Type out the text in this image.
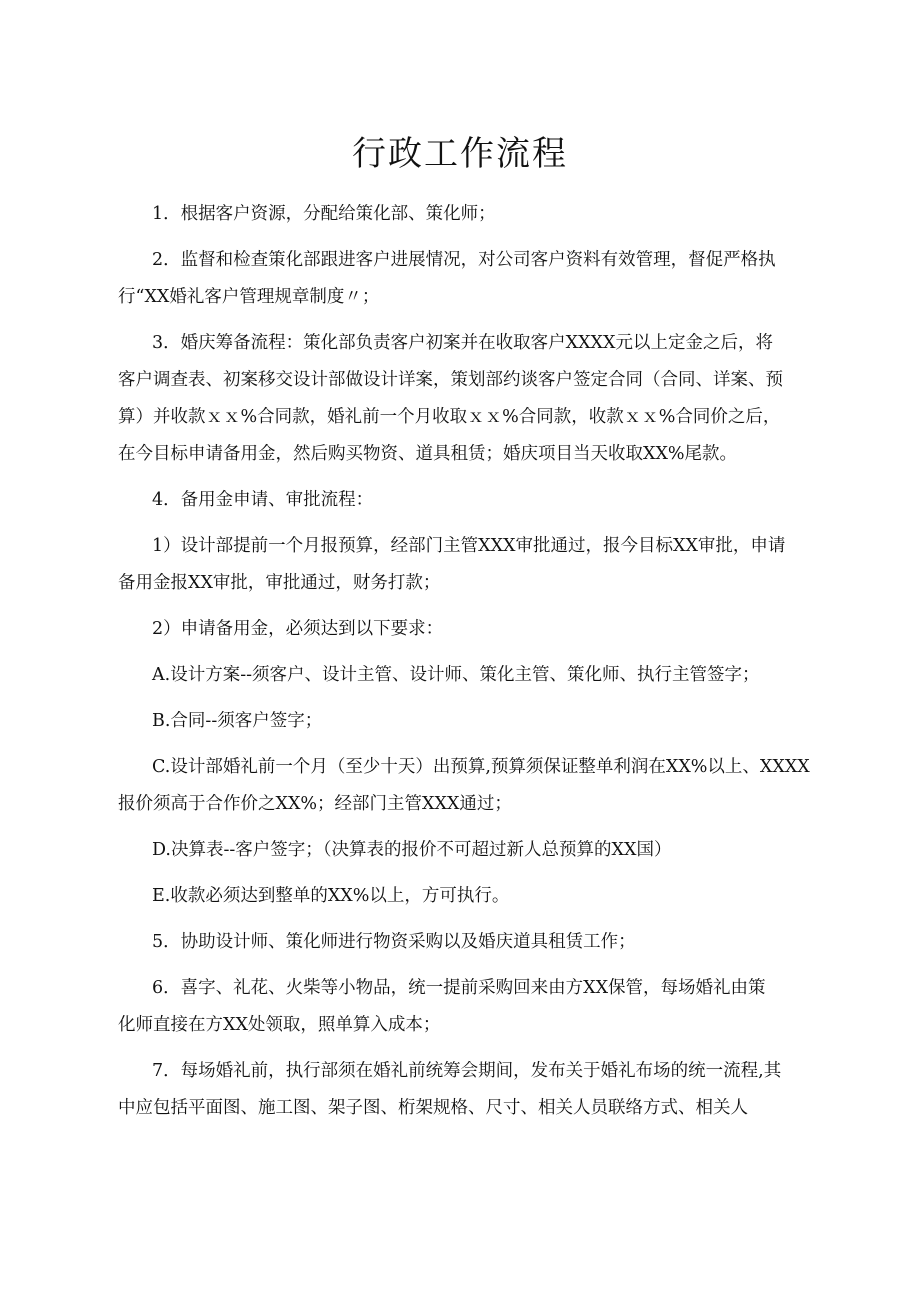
行政工作流程

1．根据客户资源，分配给策化部、策化师；

2．监督和检查策化部跟进客户进展情况，对公司客户资料有效管理，督促严格执
行“XX婚礼客户管理规章制度〃；

3．婚庆筹备流程：策化部负责客户初案并在收取客户XXXX元以上定金之后，将
客户调查表、初案移交设计部做设计详案，策划部约谈客户签定合同（合同、详案、预
算）并收款ｘｘ%合同款，婚礼前一个月收取ｘｘ%合同款，收款ｘｘ%合同价之后，
在今目标申请备用金，然后购买物资、道具租赁；婚庆项目当天收取XX%尾款。

4．备用金申请、审批流程：

1）设计部提前一个月报预算，经部门主管XXX审批通过，报今目标XX审批，申请
备用金报XX审批，审批通过，财务打款；

2）申请备用金，必须达到以下要求：

A.设计方案--须客户、设计主管、设计师、策化主管、策化师、执行主管签字；

B.合同--须客户签字；

C.设计部婚礼前一个月（至少十天）出预算,预算须保证整单利润在XX%以上、XXXX
报价须高于合作价之XX%；经部门主管XXX通过；

D.决算表--客户签字；（决算表的报价不可超过新人总预算的XX国）

E.收款必须达到整单的XX%以上，方可执行。

5．协助设计师、策化师进行物资采购以及婚庆道具租赁工作；

6．喜字、礼花、火柴等小物品，统一提前采购回来由方XX保管，每场婚礼由策
化师直接在方XX处领取，照单算入成本；

7．每场婚礼前，执行部须在婚礼前统筹会期间，发布关于婚礼布场的统一流程,其
中应包括平面图、施工图、架子图、桁架规格、尺寸、相关人员联络方式、相关人
